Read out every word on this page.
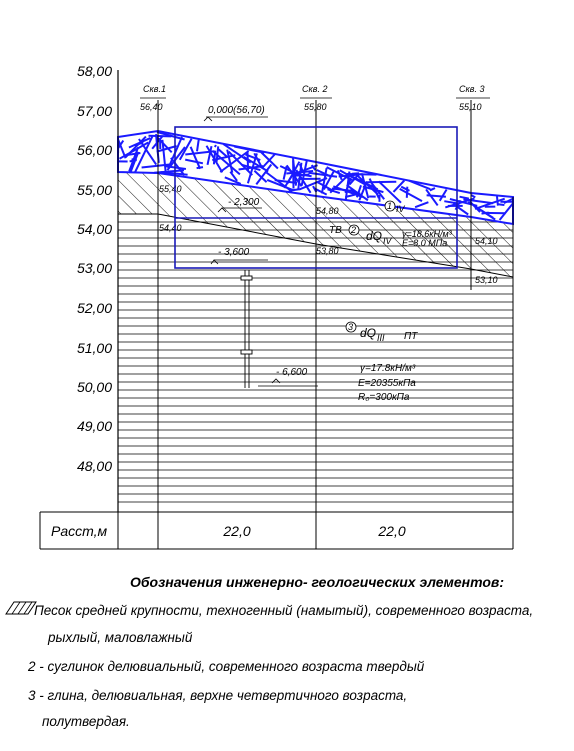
58,00
57,00
56,00
55,00
54,00
53,00
52,00
51,00
50,00
49,00
48,00
Скв.1
56,40
Скв. 2
55,80
Скв. 3
55,10
55,40
54,40
54,80
53,80
54,10
53,10
0,000(56,70)
- 2,300
- 3,600
- 6,600
ТВ 2 dQ IV
γ=18.6кН/м³
Е=8.0 МПа
1 IV
3 dQ III ПТ
γ=17.8кН/м³
E=20355кПа
R₀=300кПа
Расст,м	22,0	22,0
Обозначения инженерно- геологических элементов:
Песок средней крупности, техногенный (намытый), современного возраста,
рыхлый, маловлажный
2 - суглинок делювиальный, современного возраста твердый
3 - глина, делювиальная, верхне четвертичного возраста,
полутвердая.
